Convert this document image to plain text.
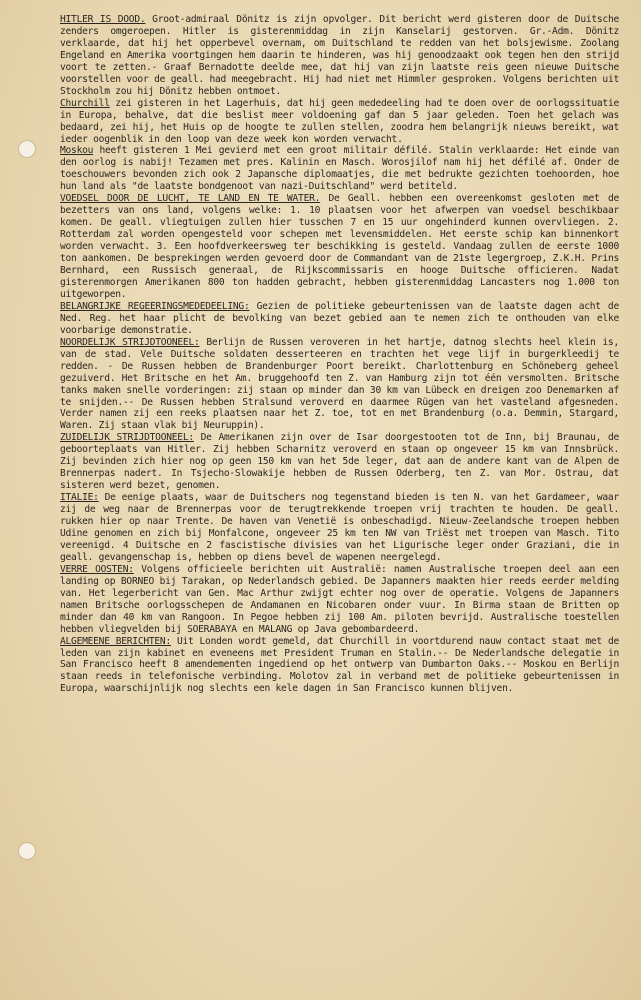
HITLER IS DOOD. Groot-admiraal Dönitz is zijn opvolger. Dit bericht werd gisteren door de Duitsche zenders omgeroepen. Hitler is gisterenmiddag in zijn Kanselarij gestorven. Gr.-Adm. Dönitz verklaarde, dat hij het opperbevel overnam, om Duitschland te redden van het bolsjewisme. Zoolang Engeland en Amerika voortgingen hem daarin te hinderen, was hij genoodzaakt ook tegen hen den strijd voort te zetten.- Graaf Bernadotte deelde mee, dat hij van zijn laatste reis geen nieuwe Duitsche voorstellen voor de geall. had meegebracht. Hij had niet met Himmler gesproken. Volgens berichten uit Stockholm zou hij Dönitz hebben ontmoet.

Churchill zei gisteren in het Lagerhuis, dat hij geen mededeeling had te doen over de oorlogssituatie in Europa, behalve, dat die beslist meer voldoening gaf dan 5 jaar geleden. Toen het gelach was bedaard, zei hij, het Huis op de hoogte te zullen stellen, zoodra hem belangrijk nieuws bereikt, wat ieder oogenblik in den loop van deze week kon worden verwacht.

Moskou heeft gisteren 1 Mei gevierd met een groot militair défilé. Stalin verklaarde: Het einde van den oorlog is nabij! Tezamen met pres. Kalinin en Masch. Worosjilof nam hij het défilé af. Onder de toeschouwers bevonden zich ook 2 Japansche diplomaatjes, die met bedrukte gezichten toehoorden, hoe hun land als "de laatste bondgenoot van nazi-Duitschland" werd betiteld.

VOEDSEL DOOR DE LUCHT, TE LAND EN TE WATER. De Geall. hebben een overeenkomst gesloten met de bezetters van ons land, volgens welke: 1. 10 plaatsen voor het afwerpen van voedsel beschikbaar komen. De geall. vliegtuigen zullen hier tusschen 7 en 15 uur ongehinderd kunnen overvliegen. 2. Rotterdam zal worden opengesteld voor schepen met levensmiddelen. Het eerste schip kan binnenkort worden verwacht. 3. Een hoofdverkeersweg ter beschikking is gesteld. Vandaag zullen de eerste 1000 ton aankomen. De besprekingen werden gevoerd door de Commandant van de 21ste legergroep, Z.K.H. Prins Bernhard, een Russisch generaal, de Rijkscommissaris en hooge Duitsche officieren. Nadat gisterenmorgen Amerikanen 800 ton hadden gebracht, hebben gisterenmiddag Lancasters nog 1.000 ton uitgeworpen.

BELANGRIJKE REGEERINGSMEDEDEELING: Gezien de politieke gebeurtenissen van de laatste dagen acht de Ned. Reg. het haar plicht de bevolking van bezet gebied aan te nemen zich te onthouden van elke voorbarige demonstratie.

NOORDELIJK STRIJDTOONEEL: Berlijn de Russen veroveren in het hartje, datnog slechts heel klein is, van de stad. Vele Duitsche soldaten desserteeren en trachten het vege lijf in burgerkleedij te redden. - De Russen hebben de Brandenburger Poort bereikt. Charlottenburg en Schöneberg geheel gezuiverd. Het Britsche en het Am. bruggehoofd ten Z. van Hamburg zijn tot één versmolten. Britsche tanks maken snelle vorderingen: zij staan op minder dan 30 km van Lübeck en dreigen zoo Denemarken af te snijden.-- De Russen hebben Stralsund veroverd en daarmee Rügen van het vasteland afgesneden. Verder namen zij een reeks plaatsen naar het Z. toe, tot en met Brandenburg (o.a. Demmin, Stargard, Waren. Zij staan vlak bij Neuruppin).

ZUIDELIJK STRIJDTOONEEL: De Amerikanen zijn over de Isar doorgestooten tot de Inn, bij Braunau, de geboorteplaats van Hitler. Zij hebben Scharnitz veroverd en staan op ongeveer 15 km van Innsbrück. Zij bevinden zich hier nog op geen 150 km van het 5de leger, dat aan de andere kant van de Alpen de Brennerpas nadert. In Tsjecho-Slowakije hebben de Russen Oderberg, ten Z. van Mor. Ostrau, dat sisteren werd bezet, genomen.

ITALIE: De eenige plaats, waar de Duitschers nog tegenstand bieden is ten N. van het Gardameer, waar zij de weg naar de Brennerpas voor de terugtrekkende troepen vrij trachten te houden. De geall. rukken hier op naar Trente. De haven van Venetië is onbeschadigd. Nieuw-Zeelandsche troepen hebben Udine genomen en zich bij Monfalcone, ongeveer 25 km ten NW van Triëst met troepen van Masch. Tito vereenigd. 4 Duitsche en 2 fascistische divisies van het Ligurische leger onder Graziani, die in geall. gevangenschap is, hebben op diens bevel de wapenen neergelegd.

VERRE OOSTEN: Volgens officieele berichten uit Australië: namen Australische troepen deel aan een landing op BORNEO bij Tarakan, op Nederlandsch gebied. De Japanners maakten hier reeds eerder melding van. Het legerbericht van Gen. Mac Arthur zwijgt echter nog over de operatie. Volgens de Japanners namen Britsche oorlogsschepen de Andamanen en Nicobaren onder vuur. In Birma staan de Britten op minder dan 40 km van Rangoon. In Pegoe hebben zij 100 Am. piloten bevrijd. Australische toestellen hebben vliegvelden bij SOERABAYA en MALANG op Java gebombardeerd.

ALGEMEENE BERICHTEN: Uit Londen wordt gemeld, dat Churchill in voortdurend nauw contact staat met de leden van zijn kabinet en eveneens met President Truman en Stalin.-- De Nederlandsche delegatie in San Francisco heeft 8 amendementen ingediend op het ontwerp van Dumbarton Oaks.-- Moskou en Berlijn staan reeds in telefonische verbinding. Molotov zal in verband met de politieke gebeurtenissen in Europa, waarschijnlijk nog slechts een kele dagen in San Francisco kunnen blijven.
